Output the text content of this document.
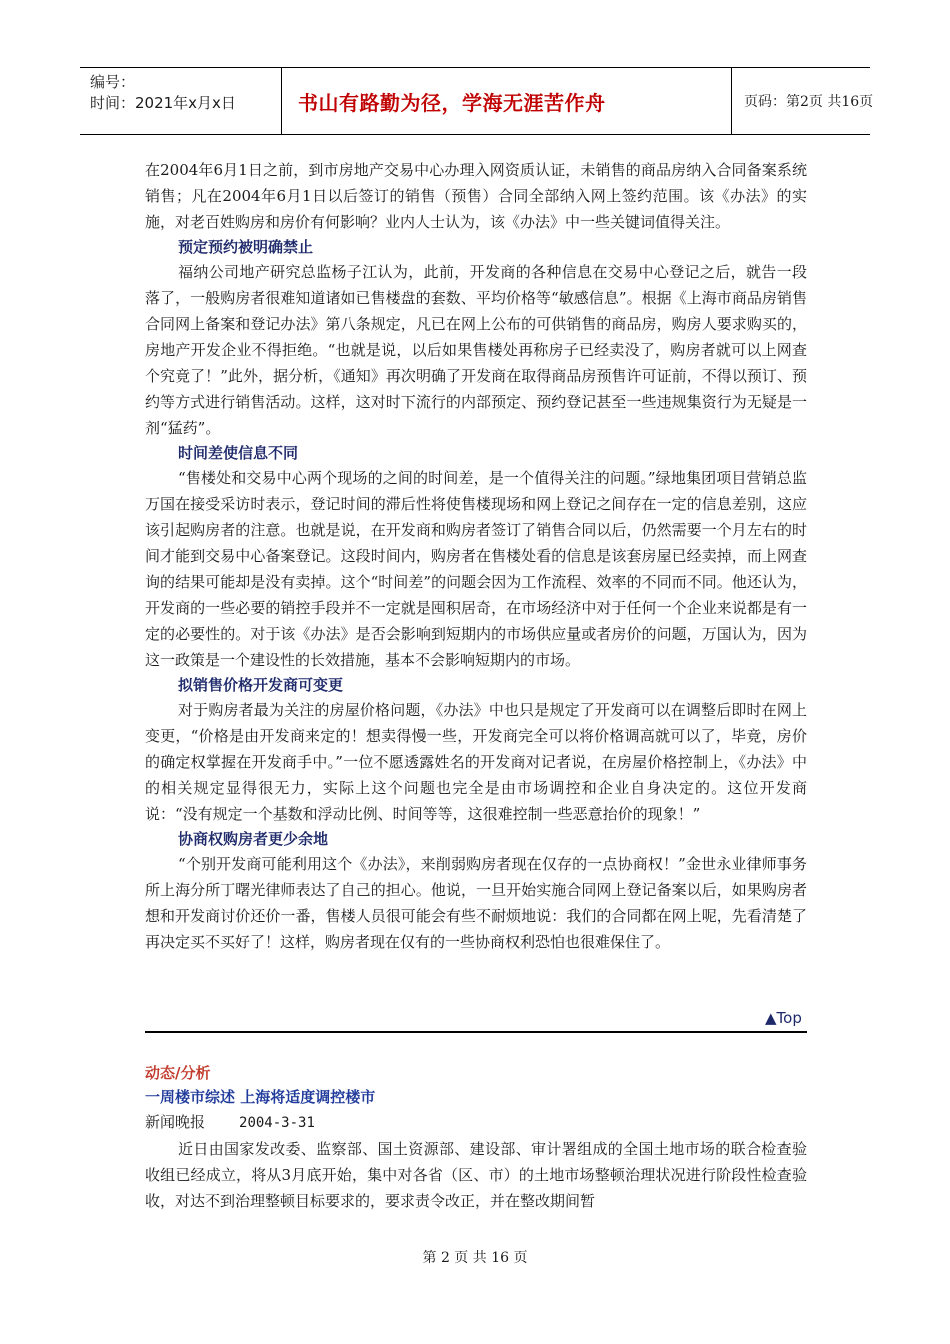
编号：
时间：2021年x月x日	书山有路勤为径，学海无涯苦作舟	页码：第2页 共16页

在2004年6月1日之前，到市房地产交易中心办理入网资质认证，未销售的商品房纳入合同备案系统销售；凡在2004年6月1日以后签订的销售（预售）合同全部纳入网上签约范围。该《办法》的实施，对老百姓购房和房价有何影响？业内人士认为，该《办法》中一些关键词值得关注。

预定预约被明确禁止

福纳公司地产研究总监杨子江认为，此前，开发商的各种信息在交易中心登记之后，就告一段落了，一般购房者很难知道诸如已售楼盘的套数、平均价格等“敏感信息”。根据《上海市商品房销售合同网上备案和登记办法》第八条规定，凡已在网上公布的可供销售的商品房，购房人要求购买的，房地产开发企业不得拒绝。“也就是说，以后如果售楼处再称房子已经卖没了，购房者就可以上网查个究竟了！”此外，据分析，《通知》再次明确了开发商在取得商品房预售许可证前，不得以预订、预约等方式进行销售活动。这样，这对时下流行的内部预定、预约登记甚至一些违规集资行为无疑是一剂“猛药”。

时间差使信息不同

“售楼处和交易中心两个现场的之间的时间差，是一个值得关注的问题。”绿地集团项目营销总监万国在接受采访时表示，登记时间的滞后性将使售楼现场和网上登记之间存在一定的信息差别，这应该引起购房者的注意。也就是说，在开发商和购房者签订了销售合同以后，仍然需要一个月左右的时间才能到交易中心备案登记。这段时间内，购房者在售楼处看的信息是该套房屋已经卖掉，而上网查询的结果可能却是没有卖掉。这个“时间差”的问题会因为工作流程、效率的不同而不同。他还认为，开发商的一些必要的销控手段并不一定就是囤积居奇，在市场经济中对于任何一个企业来说都是有一定的必要性的。对于该《办法》是否会影响到短期内的市场供应量或者房价的问题，万国认为，因为这一政策是一个建设性的长效措施，基本不会影响短期内的市场。

拟销售价格开发商可变更

对于购房者最为关注的房屋价格问题，《办法》中也只是规定了开发商可以在调整后即时在网上变更，“价格是由开发商来定的！想卖得慢一些，开发商完全可以将价格调高就可以了，毕竟，房价的确定权掌握在开发商手中。”一位不愿透露姓名的开发商对记者说，在房屋价格控制上，《办法》中的相关规定显得很无力，实际上这个问题也完全是由市场调控和企业自身决定的。这位开发商说：“没有规定一个基数和浮动比例、时间等等，这很难控制一些恶意抬价的现象！”

协商权购房者更少余地

“个别开发商可能利用这个《办法》，来削弱购房者现在仅存的一点协商权！”金世永业律师事务所上海分所丁曙光律师表达了自己的担心。他说，一旦开始实施合同网上登记备案以后，如果购房者想和开发商讨价还价一番，售楼人员很可能会有些不耐烦地说：我们的合同都在网上呢，先看清楚了再决定买不买好了！这样，购房者现在仅有的一些协商权利恐怕也很难保住了。

▲Top

动态/分析

一周楼市综述 上海将适度调控楼市

新闻晚报 2004-3-31

近日由国家发改委、监察部、国土资源部、建设部、审计署组成的全国土地市场的联合检查验收组已经成立，将从3月底开始，集中对各省（区、市）的土地市场整顿治理状况进行阶段性检查验收，对达不到治理整顿目标要求的，要求责令改正，并在整改期间暂

第 2 页 共 16 页
